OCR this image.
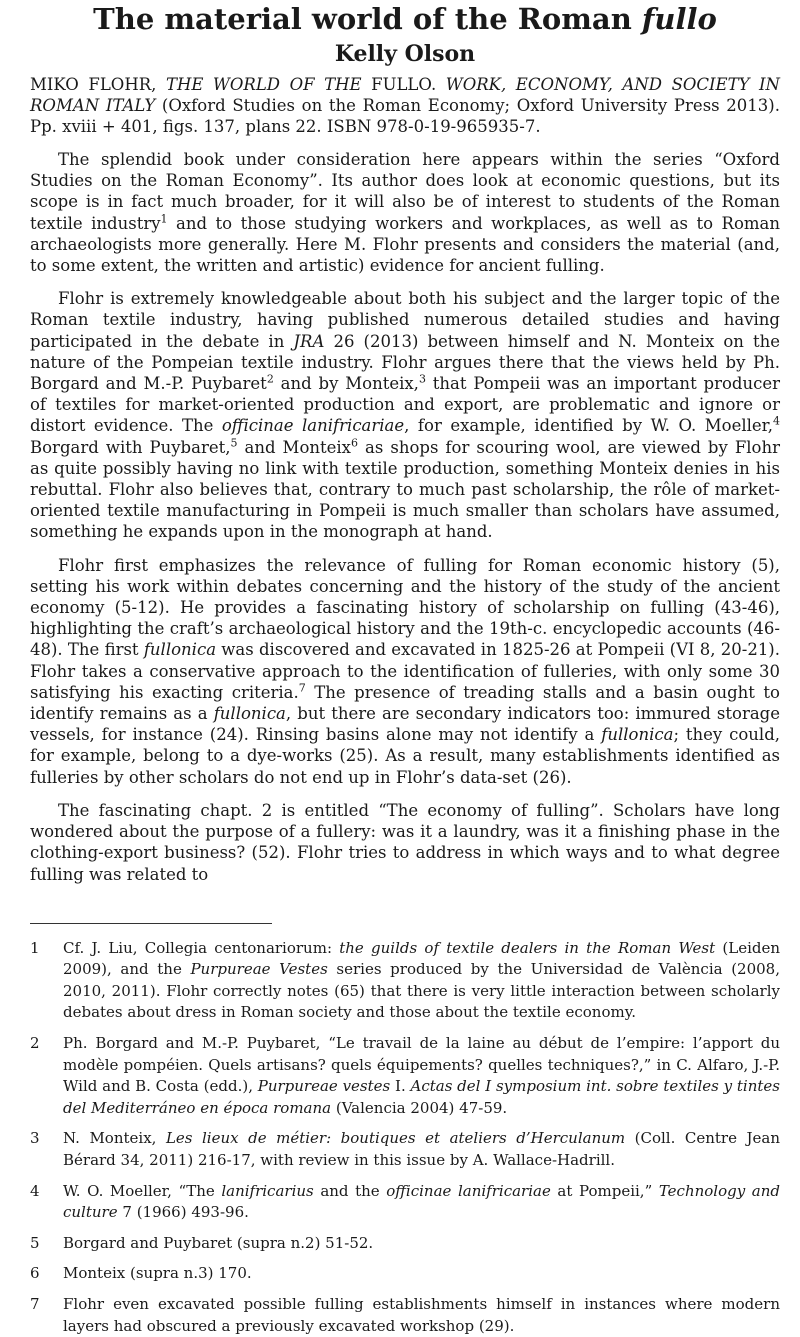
The material world of the Roman fullo
Kelly Olson

MIKO FLOHR, THE WORLD OF THE FULLO. WORK, ECONOMY, AND SOCIETY IN ROMAN ITALY (Oxford Studies on the Roman Economy; Oxford University Press 2013). Pp. xviii + 401, figs. 137, plans 22. ISBN 978-0-19-965935-7.

The splendid book under consideration here appears within the series “Oxford Studies on the Roman Economy”. Its author does look at economic questions, but its scope is in fact much broader, for it will also be of interest to students of the Roman textile industry$^1$ and to those studying workers and workplaces, as well as to Roman archaeologists more generally. Here M. Flohr presents and considers the material (and, to some extent, the written and artistic) evidence for ancient fulling.

Flohr is extremely knowledgeable about both his subject and the larger topic of the Roman textile industry, having published numerous detailed studies and having participated in the debate in JRA 26 (2013) between himself and N. Monteix on the nature of the Pompeian textile industry. Flohr argues there that the views held by Ph. Borgard and M.-P. Puybaret$^2$ and by Monteix,$^3$ that Pompeii was an important producer of textiles for market-oriented production and export, are problematic and ignore or distort evidence. The officinae lanifricariae, for example, identified by W. O. Moeller,$^4$ Borgard with Puybaret,$^5$ and Monteix$^6$ as shops for scouring wool, are viewed by Flohr as quite possibly having no link with textile production, something Monteix denies in his rebuttal. Flohr also believes that, contrary to much past scholarship, the rôle of market-oriented textile manufacturing in Pompeii is much smaller than scholars have assumed, something he expands upon in the monograph at hand.

Flohr first emphasizes the relevance of fulling for Roman economic history (5), setting his work within debates concerning and the history of the study of the ancient economy (5-12). He provides a fascinating history of scholarship on fulling (43-46), highlighting the craft’s archaeological history and the 19th-c. encyclopedic accounts (46-48). The first fullonica was discovered and excavated in 1825-26 at Pompeii (VI 8, 20-21). Flohr takes a conservative approach to the identification of fulleries, with only some 30 satisfying his exacting criteria.$^7$ The presence of treading stalls and a basin ought to identify remains as a fullonica, but there are secondary indicators too: immured storage vessels, for instance (24). Rinsing basins alone may not identify a fullonica; they could, for example, belong to a dye-works (25). As a result, many establishments identified as fulleries by other scholars do not end up in Flohr’s data-set (26).

The fascinating chapt. 2 is entitled “The economy of fulling”. Scholars have long wondered about the purpose of a fullery: was it a laundry, was it a finishing phase in the clothing-export business? (52). Flohr tries to address in which ways and to what degree fulling was related to

1	Cf. J. Liu, Collegia centonariorum: the guilds of textile dealers in the Roman West (Leiden 2009), and the Purpureae Vestes series produced by the Universidad de València (2008, 2010, 2011). Flohr correctly notes (65) that there is very little interaction between scholarly debates about dress in Roman society and those about the textile economy.
2	Ph. Borgard and M.-P. Puybaret, “Le travail de la laine au début de l’empire: l’apport du modèle pompéien. Quels artisans? quels équipements? quelles techniques?,” in C. Alfaro, J.-P. Wild and B. Costa (edd.), Purpureae vestes I. Actas del I symposium int. sobre textiles y tintes del Mediterráneo en época romana (Valencia 2004) 47-59.
3	N. Monteix, Les lieux de métier: boutiques et ateliers d’Herculanum (Coll. Centre Jean Bérard 34, 2011) 216-17, with review in this issue by A. Wallace-Hadrill.
4	W. O. Moeller, “The lanifricarius and the officinae lanifricariae at Pompeii,” Technology and culture 7 (1966) 493-96.
5	Borgard and Puybaret (supra n.2) 51-52.
6	Monteix (supra n.3) 170.
7	Flohr even excavated possible fulling establishments himself in instances where modern layers had obscured a previously excavated workshop (29).
